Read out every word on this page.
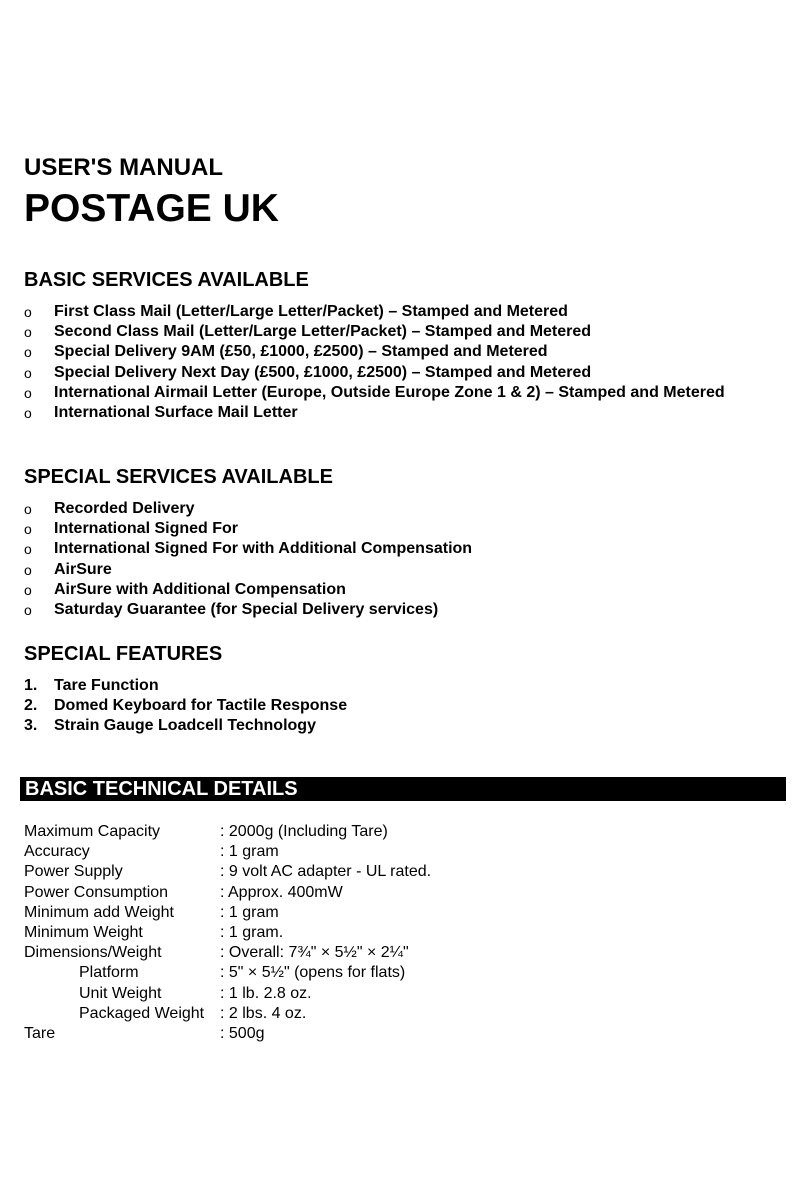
USER'S MANUAL
POSTAGE UK
BASIC SERVICES AVAILABLE
o	First Class Mail (Letter/Large Letter/Packet) – Stamped and Metered
o	Second Class Mail (Letter/Large Letter/Packet) – Stamped and Metered
o	Special Delivery 9AM (£50, £1000, £2500) – Stamped and Metered
o	Special Delivery Next Day (£500, £1000, £2500) – Stamped and Metered
o	International Airmail Letter (Europe, Outside Europe Zone 1 & 2) – Stamped and Metered
o	International Surface Mail Letter
SPECIAL SERVICES AVAILABLE
o	Recorded Delivery
o	International Signed For
o	International Signed For with Additional Compensation
o	AirSure
o	AirSure with Additional Compensation
o	Saturday Guarantee (for Special Delivery services)
SPECIAL FEATURES
1.	Tare Function
2.	Domed Keyboard for Tactile Response
3.	Strain Gauge Loadcell Technology
BASIC TECHNICAL DETAILS
Maximum Capacity	: 2000g (Including Tare)
Accuracy	: 1 gram
Power Supply	: 9 volt AC adapter - UL rated.
Power Consumption	: Approx. 400mW
Minimum add Weight	: 1 gram
Minimum Weight	: 1 gram.
Dimensions/Weight	: Overall: 7¾" × 5½" × 2¼"
Platform	: 5" × 5½" (opens for flats)
Unit Weight	: 1 lb. 2.8 oz.
Packaged Weight : 2 lbs. 4 oz.
Tare	: 500g
